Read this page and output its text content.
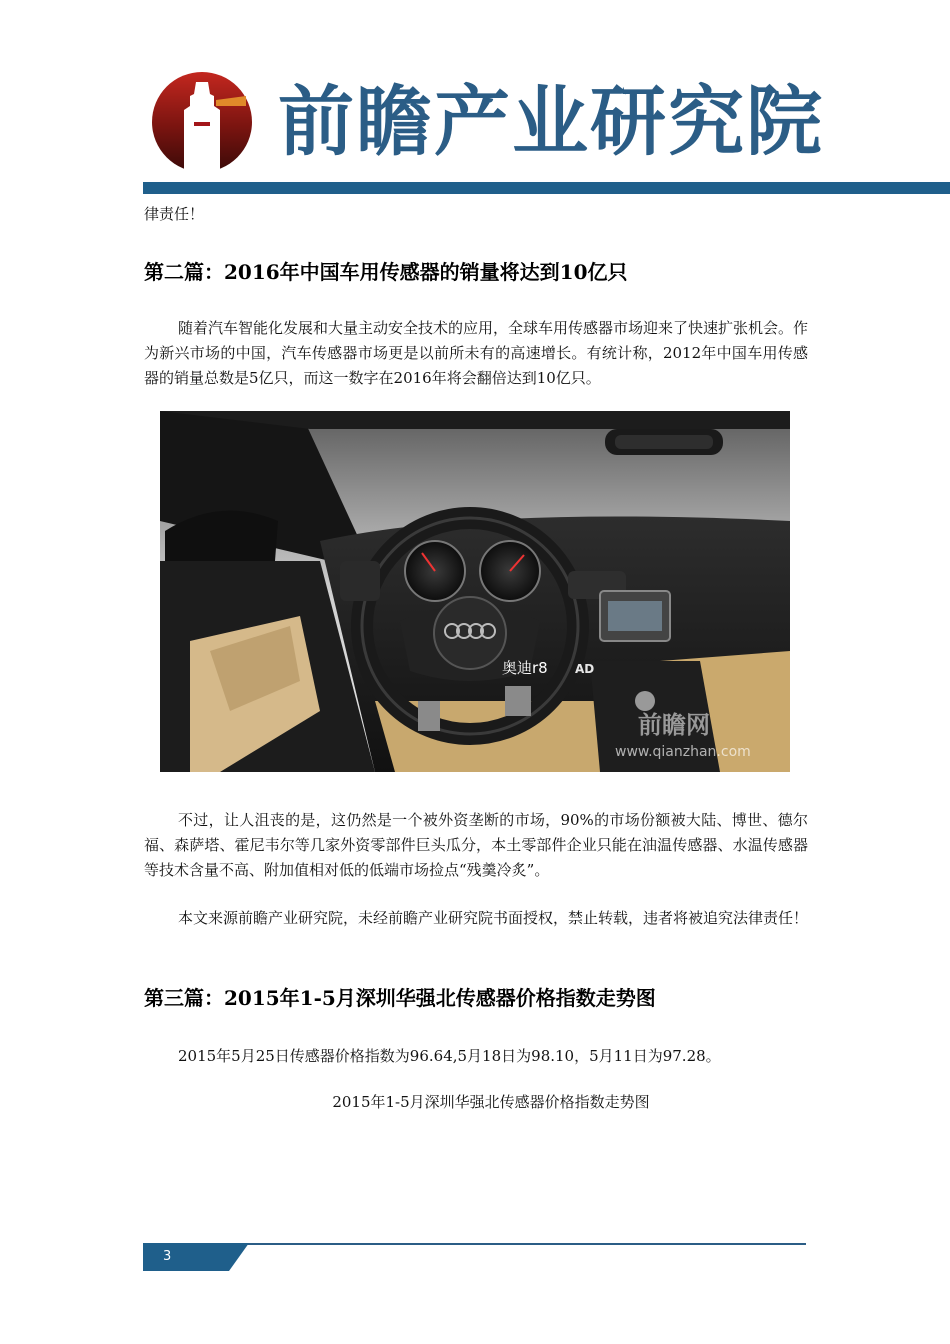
前瞻产业研究院

律责任！

第二篇：2016年中国车用传感器的销量将达到10亿只

随着汽车智能化发展和大量主动安全技术的应用，全球车用传感器市场迎来了快速扩张机会。作为新兴市场的中国，汽车传感器市场更是以前所未有的高速增长。有统计称，2012年中国车用传感器的销量总数是5亿只，而这一数字在2016年将会翻倍达到10亿只。

奥迪r8 AD
前瞻网
www.qianzhan.com

不过，让人沮丧的是，这仍然是一个被外资垄断的市场，90%的市场份额被大陆、博世、德尔福、森萨塔、霍尼韦尔等几家外资零部件巨头瓜分，本土零部件企业只能在油温传感器、水温传感器等技术含量不高、附加值相对低的低端市场捡点“残羹冷炙”。

本文来源前瞻产业研究院，未经前瞻产业研究院书面授权，禁止转载，违者将被追究法律责任！

第三篇：2015年1-5月深圳华强北传感器价格指数走势图

2015年5月25日传感器价格指数为96.64,5月18日为98.10，5月11日为97.28。

2015年1-5月深圳华强北传感器价格指数走势图
3
